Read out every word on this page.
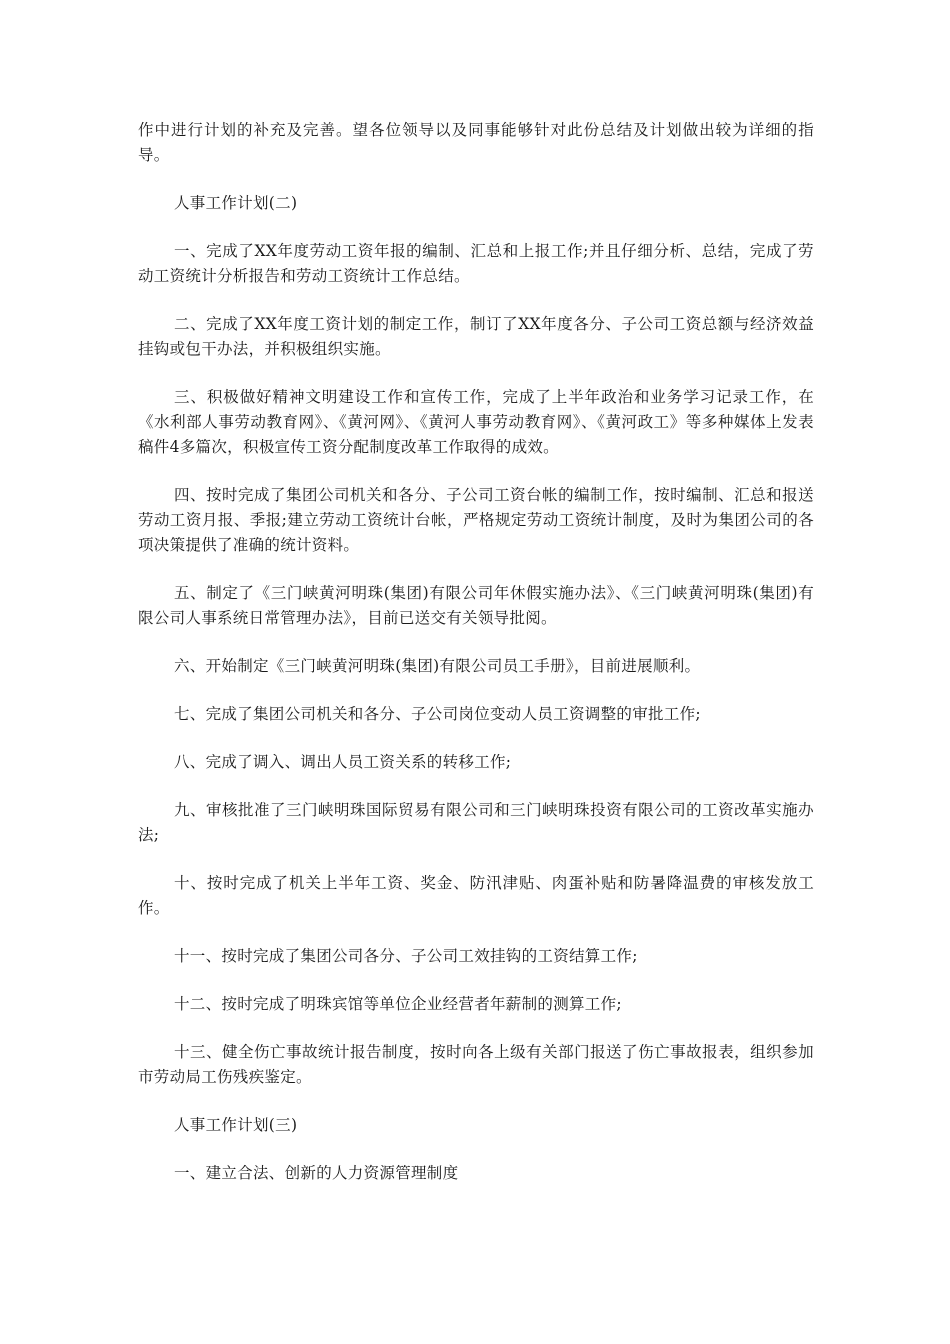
作中进行计划的补充及完善。望各位领导以及同事能够针对此份总结及计划做出较为详细的指导。

人事工作计划(二)

一、完成了XX年度劳动工资年报的编制、汇总和上报工作;并且仔细分析、总结，完成了劳动工资统计分析报告和劳动工资统计工作总结。

二、完成了XX年度工资计划的制定工作，制订了XX年度各分、子公司工资总额与经济效益挂钩或包干办法，并积极组织实施。

三、积极做好精神文明建设工作和宣传工作，完成了上半年政治和业务学习记录工作，在《水利部人事劳动教育网》、《黄河网》、《黄河人事劳动教育网》、《黄河政工》等多种媒体上发表稿件4多篇次，积极宣传工资分配制度改革工作取得的成效。

四、按时完成了集团公司机关和各分、子公司工资台帐的编制工作，按时编制、汇总和报送劳动工资月报、季报;建立劳动工资统计台帐，严格规定劳动工资统计制度，及时为集团公司的各项决策提供了准确的统计资料。

五、制定了《三门峡黄河明珠(集团)有限公司年休假实施办法》、《三门峡黄河明珠(集团)有限公司人事系统日常管理办法》，目前已送交有关领导批阅。

六、开始制定《三门峡黄河明珠(集团)有限公司员工手册》，目前进展顺利。

七、完成了集团公司机关和各分、子公司岗位变动人员工资调整的审批工作;

八、完成了调入、调出人员工资关系的转移工作;

九、审核批准了三门峡明珠国际贸易有限公司和三门峡明珠投资有限公司的工资改革实施办法;

十、按时完成了机关上半年工资、奖金、防汛津贴、肉蛋补贴和防暑降温费的审核发放工作。

十一、按时完成了集团公司各分、子公司工效挂钩的工资结算工作;

十二、按时完成了明珠宾馆等单位企业经营者年薪制的测算工作;

十三、健全伤亡事故统计报告制度，按时向各上级有关部门报送了伤亡事故报表，组织参加市劳动局工伤残疾鉴定。

人事工作计划(三)

一、建立合法、创新的人力资源管理制度
